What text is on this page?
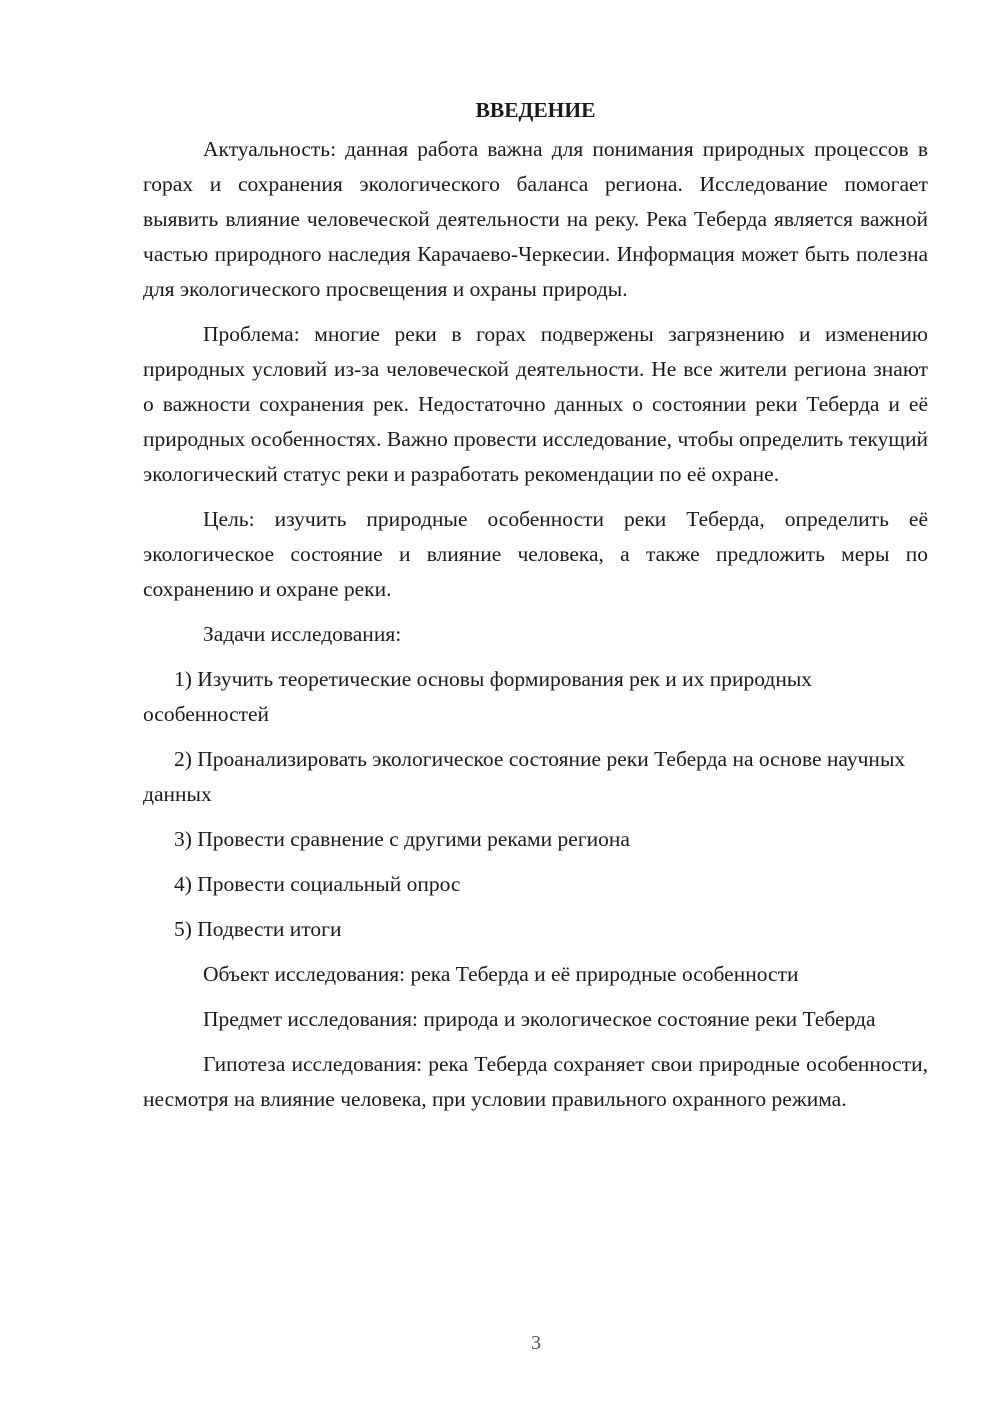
ВВЕДЕНИЕ

Актуальность: данная работа важна для понимания природных процессов в горах и сохранения экологического баланса региона. Исследование помогает выявить влияние человеческой деятельности на реку. Река Теберда является важной частью природного наследия Карачаево-Черкесии. Информация может быть полезна для экологического просвещения и охраны природы.

Проблема: многие реки в горах подвержены загрязнению и изменению природных условий из-за человеческой деятельности. Не все жители региона знают о важности сохранения рек. Недостаточно данных о состоянии реки Теберда и её природных особенностях. Важно провести исследование, чтобы определить текущий экологический статус реки и разработать рекомендации по её охране.

Цель: изучить природные особенности реки Теберда, определить её экологическое состояние и влияние человека, а также предложить меры по сохранению и охране реки.

Задачи исследования:

1) Изучить теоретические основы формирования рек и их природных особенностей

2) Проанализировать экологическое состояние реки Теберда на основе научных данных

3) Провести сравнение с другими реками региона

4) Провести социальный опрос

5) Подвести итоги

Объект исследования: река Теберда и её природные особенности

Предмет исследования: природа и экологическое состояние реки Теберда

Гипотеза исследования: река Теберда сохраняет свои природные особенности, несмотря на влияние человека, при условии правильного охранного режима.

3
